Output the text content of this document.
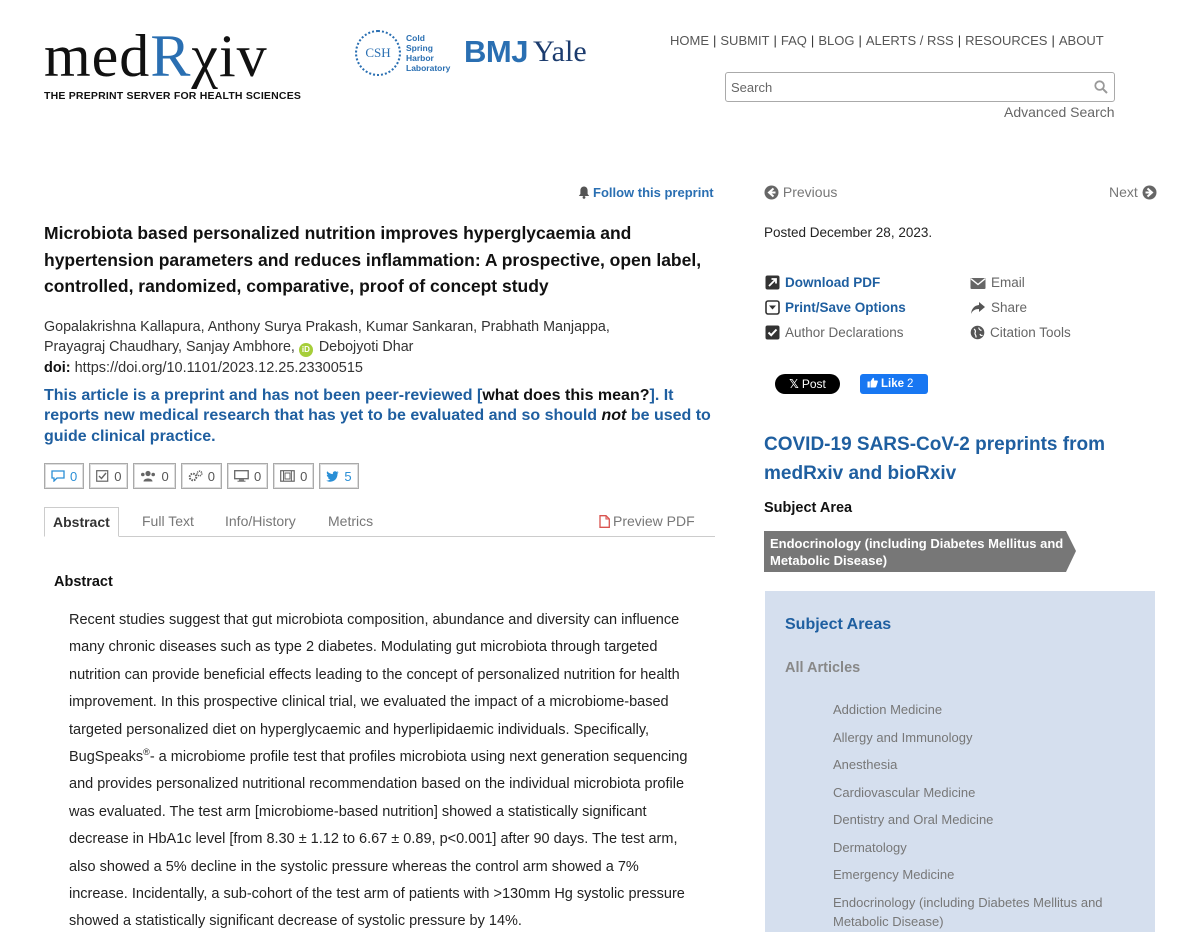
medRχiv
THE PREPRINT SERVER FOR HEALTH SCIENCES
CSH
Cold
Spring
Harbor
Laboratory BMJ Yale	HOME | SUBMIT | FAQ | BLOG | ALERTS / RSS | RESOURCES | ABOUT
Search
Advanced Search
Follow this preprint
Microbiota based personalized nutrition improves hyperglycaemia and hypertension parameters and reduces inflammation: A prospective, open label, controlled, randomized, comparative, proof of concept study
Gopalakrishna Kallapura, Anthony Surya Prakash, Kumar Sankaran, Prabhath Manjappa,
Prayagraj Chaudhary, Sanjay Ambhore, iD Debojyoti Dhar
doi: https://doi.org/10.1101/2023.12.25.23300515

This article is a preprint and has not been peer-reviewed [what does this mean?]. It reports new medical research that has yet to be evaluated and so should not be used to guide clinical practice.

0	0	0	0	0	0	5
Abstract	Full Text Info/History Metrics	Preview PDF
Abstract

Recent studies suggest that gut microbiota composition, abundance and diversity can influence many chronic diseases such as type 2 diabetes. Modulating gut microbiota through targeted nutrition can provide beneficial effects leading to the concept of personalized nutrition for health improvement. In this prospective clinical trial, we evaluated the impact of a microbiome-based targeted personalized diet on hyperglycaemic and hyperlipidaemic individuals. Specifically, BugSpeaks®- a microbiome profile test that profiles microbiota using next generation sequencing and provides personalized nutritional recommendation based on the individual microbiota profile was evaluated. The test arm [microbiome-based nutrition] showed a statistically significant decrease in HbA1c level [from 8.30 ± 1.12 to 6.67 ± 0.89, p<0.001] after 90 days. The test arm, also showed a 5% decline in the systolic pressure whereas the control arm showed a 7% increase. Incidentally, a sub-cohort of the test arm of patients with >130mm Hg systolic pressure showed a statistically significant decrease of systolic pressure by 14%.

Previous	Next
Posted December 28, 2023.
Download PDF
Print/Save Options
Author Declarations
Email
Share
Citation Tools
𝕏 Post	Like 2
COVID-19 SARS-CoV-2 preprints from medRxiv and bioRxiv
Subject Area
Endocrinology (including Diabetes Mellitus and Metabolic Disease)
Subject Areas
All Articles
Addiction Medicine
Allergy and Immunology
Anesthesia
Cardiovascular Medicine
Dentistry and Oral Medicine
Dermatology
Emergency Medicine
Endocrinology (including Diabetes Mellitus and Metabolic Disease)
